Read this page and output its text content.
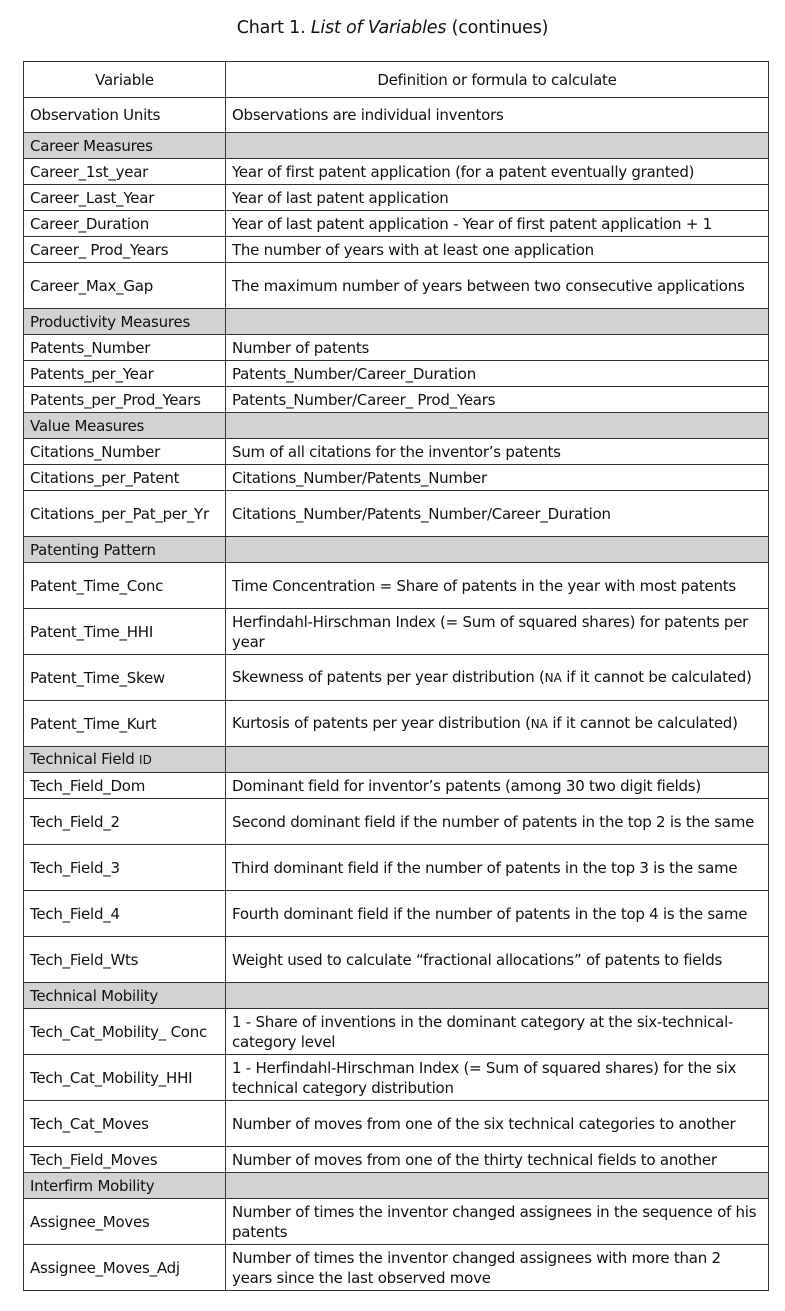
Chart 1. List of Variables (continues)
Variable	Definition or formula to calculate
Observation Units	Observations are individual inventors
Career Measures	
Career_1st_year	Year of first patent application (for a patent eventually granted)
Career_Last_Year	Year of last patent application
Career_Duration	Year of last patent application - Year of first patent application + 1
Career_ Prod_Years	The number of years with at least one application
Career_Max_Gap	The maximum number of years between two consecutive applications
Productivity Measures	
Patents_Number	Number of patents
Patents_per_Year	Patents_Number/Career_Duration
Patents_per_Prod_Years	Patents_Number/Career_ Prod_Years
Value Measures	
Citations_Number	Sum of all citations for the inventor’s patents
Citations_per_Patent	Citations_Number/Patents_Number
Citations_per_Pat_per_Yr	Citations_Number/Patents_Number/Career_Duration
Patenting Pattern	
Patent_Time_Conc	Time Concentration = Share of patents in the year with most patents
Patent_Time_HHI	Herfindahl-Hirschman Index (= Sum of squared shares) for patents per year
Patent_Time_Skew	Skewness of patents per year distribution (NA if it cannot be calculated)
Patent_Time_Kurt	Kurtosis of patents per year distribution (NA if it cannot be calculated)
Technical Field ID	
Tech_Field_Dom	Dominant field for inventor’s patents (among 30 two digit fields)
Tech_Field_2	Second dominant field if the number of patents in the top 2 is the same
Tech_Field_3	Third dominant field if the number of patents in the top 3 is the same
Tech_Field_4	Fourth dominant field if the number of patents in the top 4 is the same
Tech_Field_Wts	Weight used to calculate “fractional allocations” of patents to fields
Technical Mobility	
Tech_Cat_Mobility_ Conc	1 - Share of inventions in the dominant category at the six-technical-category level
Tech_Cat_Mobility_HHI	1 - Herfindahl-Hirschman Index (= Sum of squared shares) for the six technical category distribution
Tech_Cat_Moves	Number of moves from one of the six technical categories to another
Tech_Field_Moves	Number of moves from one of the thirty technical fields to another
Interfirm Mobility	
Assignee_Moves	Number of times the inventor changed assignees in the sequence of his patents
Assignee_Moves_Adj	Number of times the inventor changed assignees with more than 2 years since the last observed move
